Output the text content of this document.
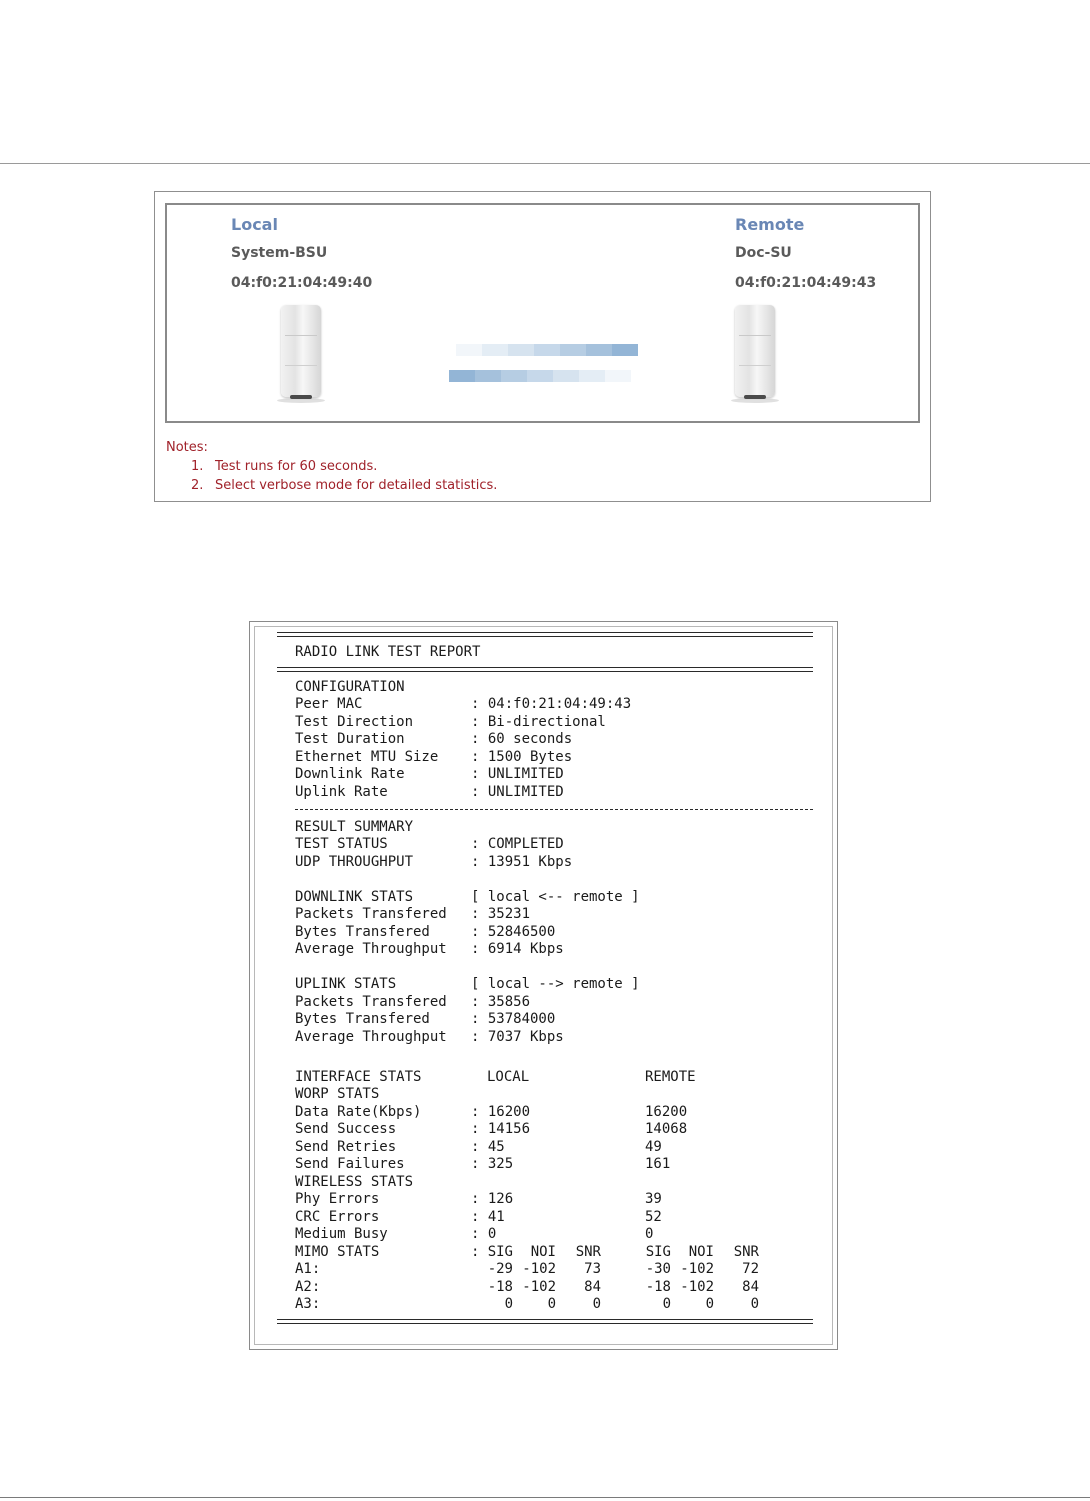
Local
System-BSU
04:f0:21:04:49:40
Remote
Doc-SU
04:f0:21:04:49:43
Notes:
1. Test runs for 60 seconds.
2. Select verbose mode for detailed statistics.
RADIO LINK TEST REPORT
CONFIGURATION
Peer MAC	: 04:f0:21:04:49:43
Test Direction	: Bi-directional
Test Duration	: 60 seconds
Ethernet MTU Size : 1500 Bytes
Downlink Rate	: UNLIMITED
Uplink Rate	: UNLIMITED
RESULT SUMMARY
TEST STATUS	: COMPLETED
UDP THROUGHPUT	: 13951 Kbps
DOWNLINK STATS	[ local <-- remote ]
Packets Transfered : 35231
Bytes Transfered	: 52846500
Average Throughput : 6914 Kbps
UPLINK STATS	[ local --> remote ]
Packets Transfered : 35856
Bytes Transfered	: 53784000
Average Throughput : 7037 Kbps
INTERFACE STATS	LOCAL	REMOTE
WORP STATS
Data Rate(Kbps)	: 16200	16200
Send Success	: 14156	14068
Send Retries	: 45	49
Send Failures	: 325	161
WIRELESS STATS
Phy Errors	: 126	39
CRC Errors	: 41	52
Medium Busy	: 0	0
MIMO STATS	: SIG	NOI	SNR	SIG	NOI	SNR
A1:	-29 -102	73	-30 -102	72
A2:	-18 -102	84	-18 -102	84
A3:	0	0	0	0	0	0
